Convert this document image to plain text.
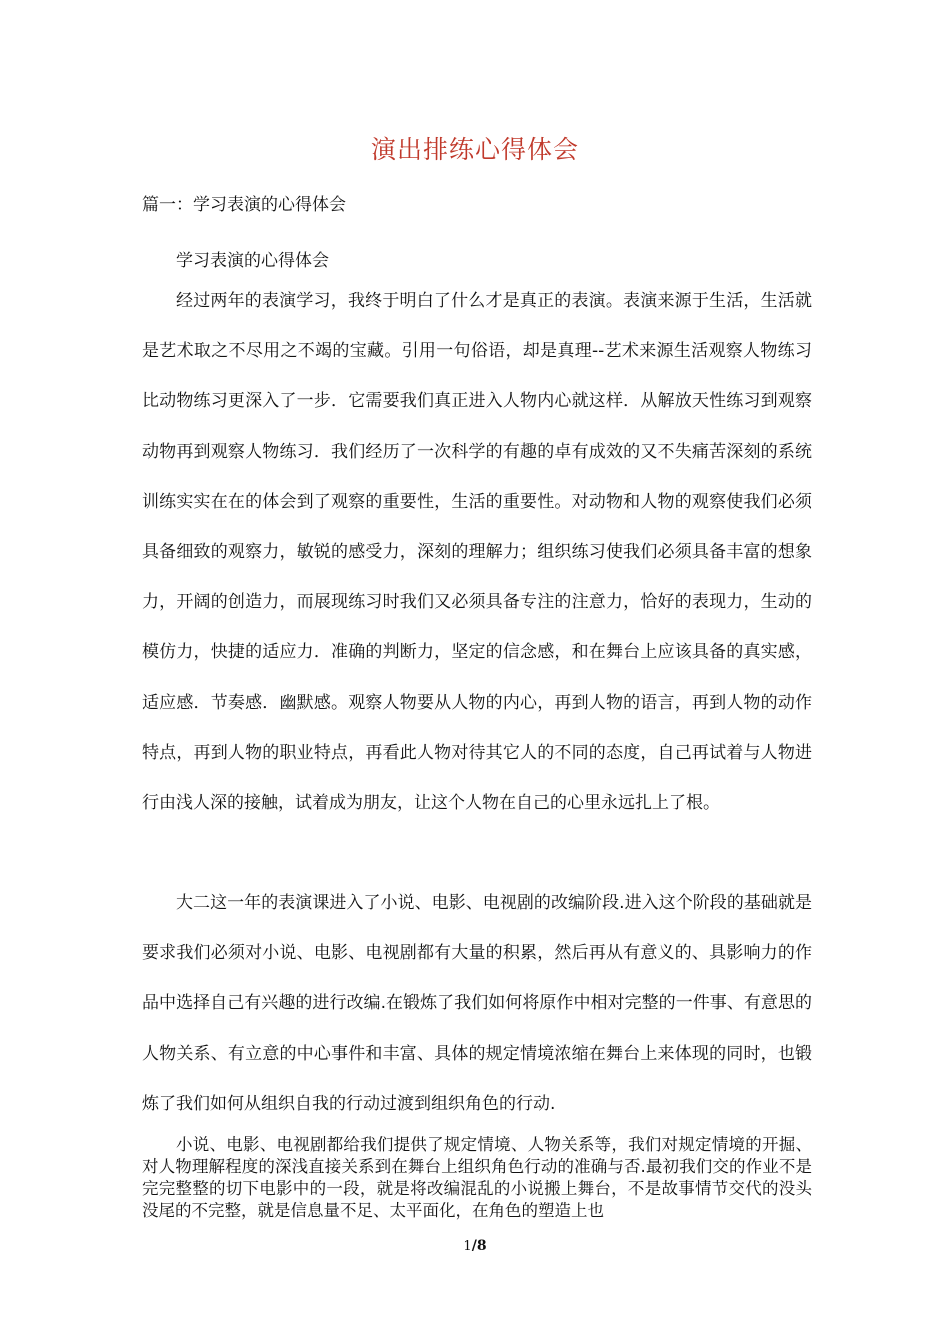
演出排练心得体会
篇一：学习表演的心得体会

学习表演的心得体会

经过两年的表演学习，我终于明白了什么才是真正的表演。表演来源于生活，生活就是艺术取之不尽用之不竭的宝藏。引用一句俗语，却是真理--艺术来源生活观察人物练习比动物练习更深入了一步．它需要我们真正进入人物内心就这样．从解放天性练习到观察动物再到观察人物练习．我们经历了一次科学的有趣的卓有成效的又不失痛苦深刻的系统训练实实在在的体会到了观察的重要性，生活的重要性。对动物和人物的观察使我们必须具备细致的观察力，敏锐的感受力，深刻的理解力；组织练习使我们必须具备丰富的想象力，开阔的创造力，而展现练习时我们又必须具备专注的注意力，恰好的表现力，生动的模仿力，快捷的适应力．准确的判断力，坚定的信念感，和在舞台上应该具备的真实感，适应感．节奏感．幽默感。观察人物要从人物的内心，再到人物的语言，再到人物的动作特点，再到人物的职业特点，再看此人物对待其它人的不同的态度，自己再试着与人物进行由浅人深的接触，试着成为朋友，让这个人物在自己的心里永远扎上了根。

大二这一年的表演课进入了小说、电影、电视剧的改编阶段.进入这个阶段的基础就是要求我们必须对小说、电影、电视剧都有大量的积累，然后再从有意义的、具影响力的作品中选择自己有兴趣的进行改编.在锻炼了我们如何将原作中相对完整的一件事、有意思的人物关系、有立意的中心事件和丰富、具体的规定情境浓缩在舞台上来体现的同时，也锻炼了我们如何从组织自我的行动过渡到组织角色的行动.

小说、电影、电视剧都给我们提供了规定情境、人物关系等，我们对规定情境的开掘、对人物理解程度的深浅直接关系到在舞台上组织角色行动的准确与否.最初我们交的作业不是完完整整的切下电影中的一段，就是将改编混乱的小说搬上舞台，不是故事情节交代的没头没尾的不完整，就是信息量不足、太平面化，在角色的塑造上也

1/8
